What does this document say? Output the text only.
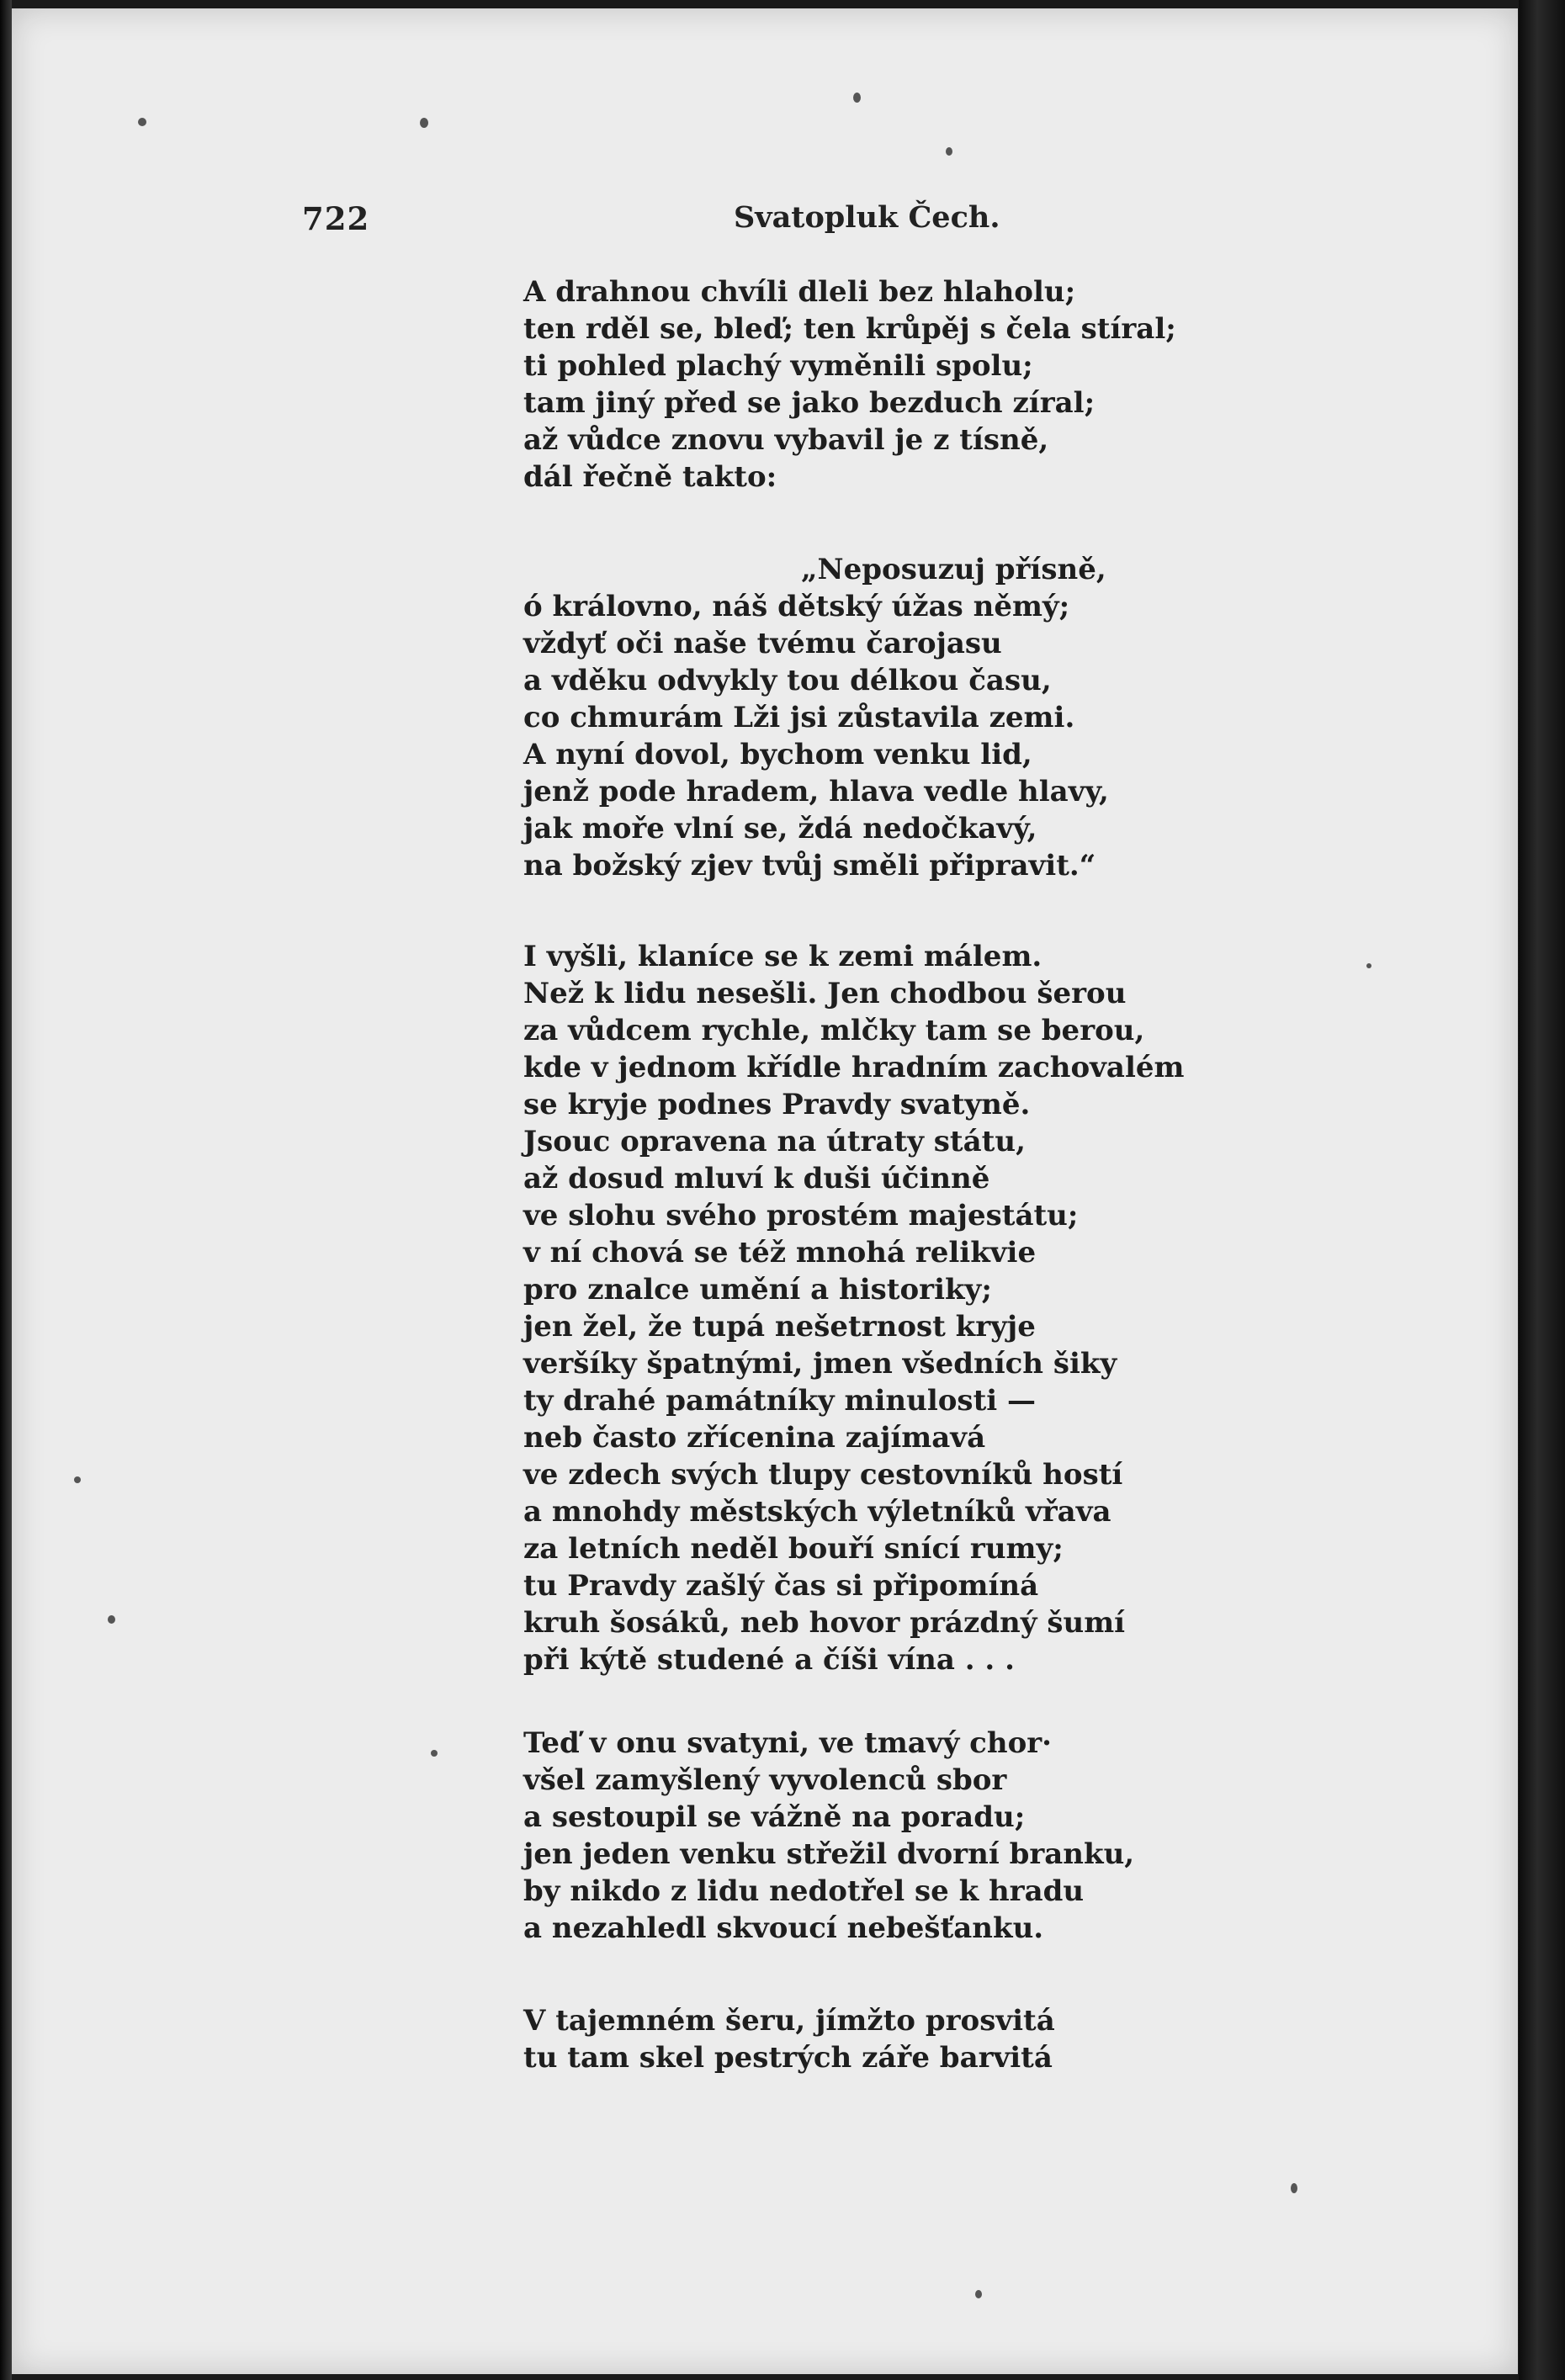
722	Svatopluk Čech.
A drahnou chvíli dleli bez hlaholu;
ten rděl se, bleď; ten krůpěj s čela stíral;
ti pohled plachý vyměnili spolu;
tam jiný před se jako bezduch zíral;
až vůdce znovu vybavil je z tísně,
dál řečně takto:
„Neposuzuj přísně,
ó královno, náš dětský úžas němý;
vždyť oči naše tvému čarojasu
a vděku odvykly tou délkou času,
co chmurám Lži jsi zůstavila zemi.
A nyní dovol, bychom venku lid,
jenž pode hradem, hlava vedle hlavy,
jak moře vlní se, ždá nedočkavý,
na božský zjev tvůj směli připravit.“
I vyšli, klaníce se k zemi málem.
Než k lidu nesešli. Jen chodbou šerou
za vůdcem rychle, mlčky tam se berou,
kde v jednom křídle hradním zachovalém
se kryje podnes Pravdy svatyně.
Jsouc opravena na útraty státu,
až dosud mluví k duši účinně
ve slohu svého prostém majestátu;
v ní chová se též mnohá relikvie
pro znalce umění a historiky;
jen žel, že tupá nešetrnost kryje
veršíky špatnými, jmen všedních šiky
ty drahé památníky minulosti —
neb často zřícenina zajímavá
ve zdech svých tlupy cestovníků hostí
a mnohdy městských výletníků vřava
za letních neděl bouří snící rumy;
tu Pravdy zašlý čas si připomíná
kruh šosáků, neb hovor prázdný šumí
při kýtě studené a číši vína . . .
Teď v onu svatyni, ve tmavý chor·
všel zamyšlený vyvolenců sbor
a sestoupil se vážně na poradu;
jen jeden venku střežil dvorní branku,
by nikdo z lidu nedotřel se k hradu
a nezahledl skvoucí nebešťanku.
V tajemném šeru, jímžto prosvitá
tu tam skel pestrých záře barvitá
